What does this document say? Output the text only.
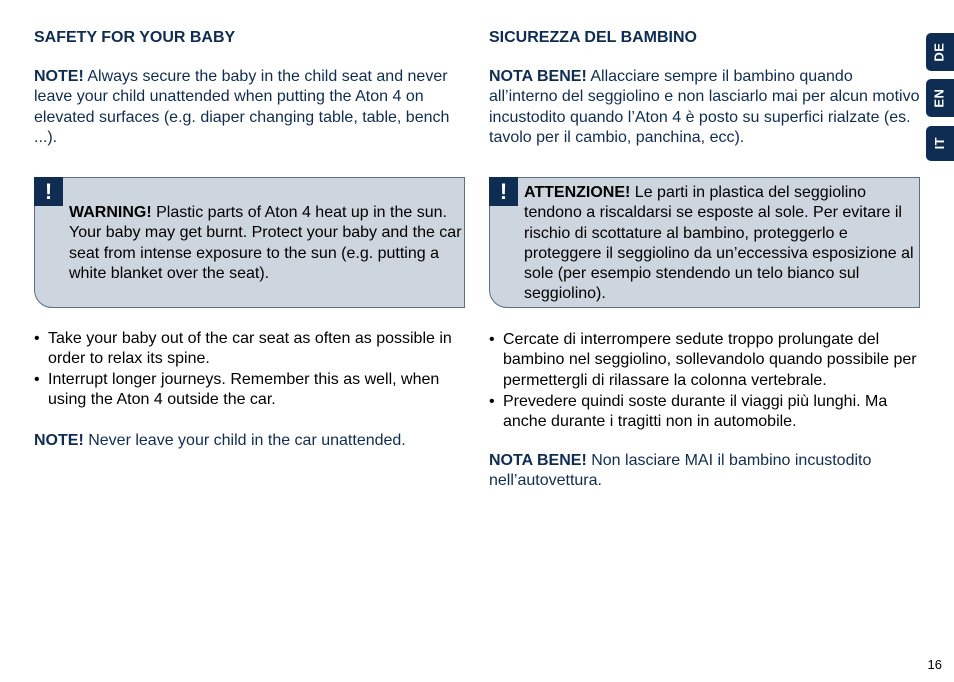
SAFETY FOR YOUR BABY

NOTE! Always secure the baby in the child seat and never leave your child unattended when putting the Aton 4 on elevated surfaces (e.g. diaper changing table, table, bench ...).

!

WARNING! Plastic parts of Aton 4 heat up in the sun. Your baby may get burnt. Protect your baby and the car seat from intense exposure to the sun (e.g. putting a white blanket over the seat).

• Take your baby out of the car seat as often as possible in order to relax its spine.
• Interrupt longer journeys. Remember this as well, when using the Aton 4 outside the car.

NOTE! Never leave your child in the car unattended.

SICUREZZA DEL BAMBINO

NOTA BENE! Allacciare sempre il bambino quando all’interno del seggiolino e non lasciarlo mai per alcun motivo incustodito quando l’Aton 4 è posto su superfici rialzate (es. tavolo per il cambio, panchina, ecc).

!	ATTENZIONE! Le parti in plastica del seggiolino tendono a riscaldarsi se esposte al sole. Per evitare il rischio di scottature al bambino, proteggerlo e proteggere il seggiolino da un’eccessiva esposizione al sole (per esempio stendendo un telo bianco sul seggiolino).

• Cercate di interrompere sedute troppo prolungate del bambino nel seggiolino, sollevandolo quando possibile per permettergli di rilassare la colonna vertebrale.
• Prevedere quindi soste durante il viaggi più lunghi. Ma anche durante i tragitti non in automobile.

NOTA BENE! Non lasciare MAI il bambino incustodito nell’autovettura.

DE
EN
IT
16
